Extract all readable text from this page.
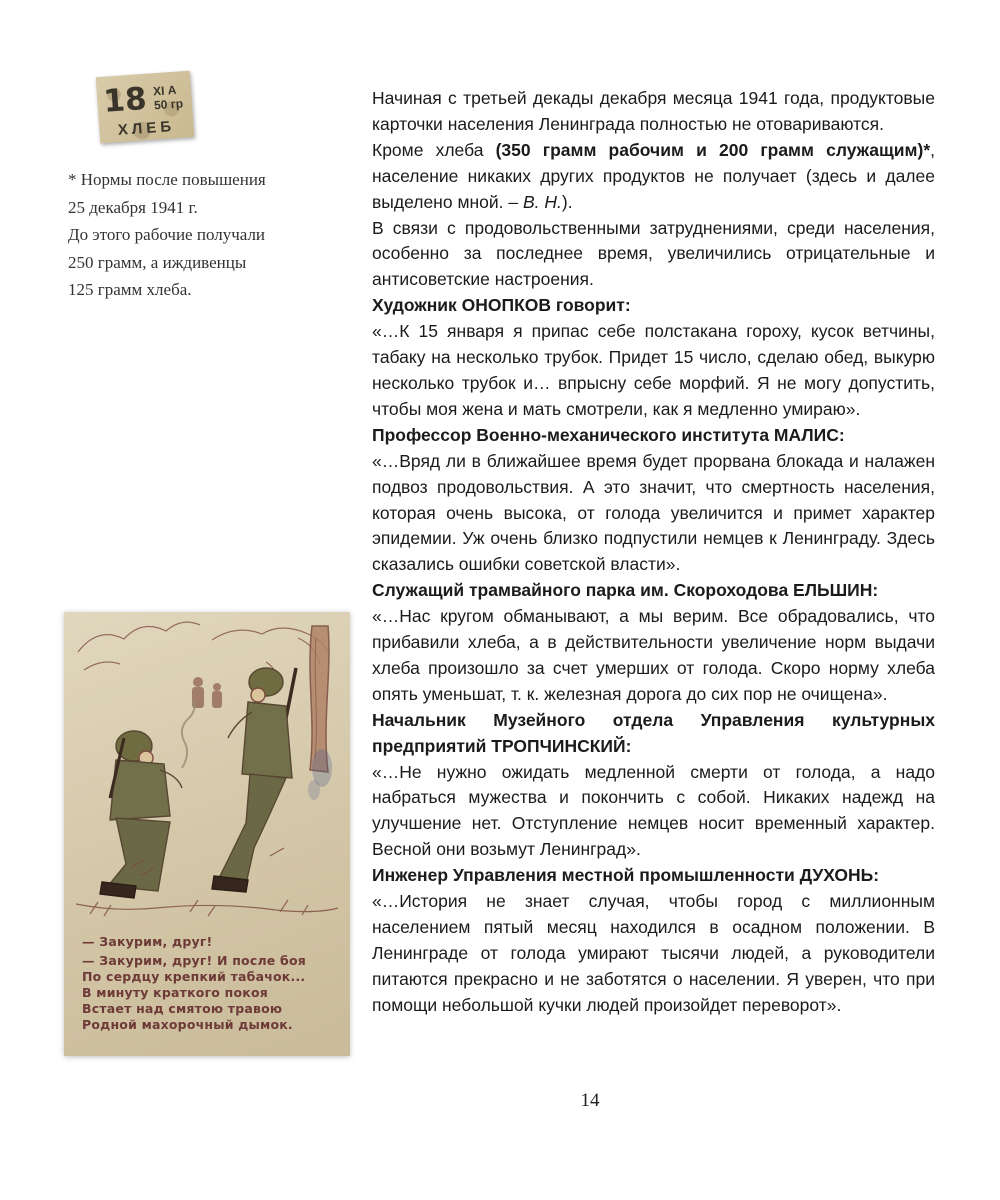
18 XI А
50 гр
ХЛЕБ
* Нормы после повышения
25 декабря 1941 г.
До этого рабочие получали
250 грамм, а иждивенцы
125 грамм хлеба.
— Закурим, друг!
— Закурим, друг! И после боя
По сердцу крепкий табачок...
В минуту краткого покоя
Встает над смятою травою
Родной махорочный дымок.
Начиная с третьей декады декабря месяца 1941 года, продуктовые карточки населения Ленинграда полностью не отовариваются.
Кроме хлеба (350 грамм рабочим и 200 грамм служащим)*, население никаких других продуктов не получает (здесь и далее выделено мной. – В. Н.).
В связи с продовольственными затруднениями, среди населения, особенно за последнее время, увеличились отрицательные и антисоветские настроения.
Художник ОНОПКОВ говорит:
«…К 15 января я припас себе полстакана гороху, кусок ветчины, табаку на несколько трубок. Придет 15 число, сделаю обед, выкурю несколько трубок и… впрысну себе морфий. Я не могу допустить, чтобы моя жена и мать смотрели, как я медленно умираю».
Профессор Военно-механического института МАЛИС:
«…Вряд ли в ближайшее время будет прорвана блокада и налажен подвоз продовольствия. А это значит, что смертность населения, которая очень высока, от голода увеличится и примет характер эпидемии. Уж очень близко подпустили немцев к Ленинграду. Здесь сказались ошибки советской власти».
Служащий трамвайного парка им. Скороходова ЕЛЬШИН:
«…Нас кругом обманывают, а мы верим. Все обрадовались, что прибавили хлеба, а в действительности увеличение норм выдачи хлеба произошло за счет умерших от голода. Скоро норму хлеба опять уменьшат, т. к. железная дорога до сих пор не очищена».
Начальник Музейного отдела Управления культурных предприятий ТРОПЧИНСКИЙ:
«…Не нужно ожидать медленной смерти от голода, а надо набраться мужества и покончить с собой. Никаких надежд на улучшение нет. Отступление немцев носит временный характер. Весной они возьмут Ленинград».
Инженер Управления местной промышленности ДУХОНЬ:
«…История не знает случая, чтобы город с миллионным населением пятый месяц находился в осадном положении. В Ленинграде от голода умирают тысячи людей, а руководители питаются прекрасно и не заботятся о населении. Я уверен, что при помощи небольшой кучки людей произойдет переворот».
14
